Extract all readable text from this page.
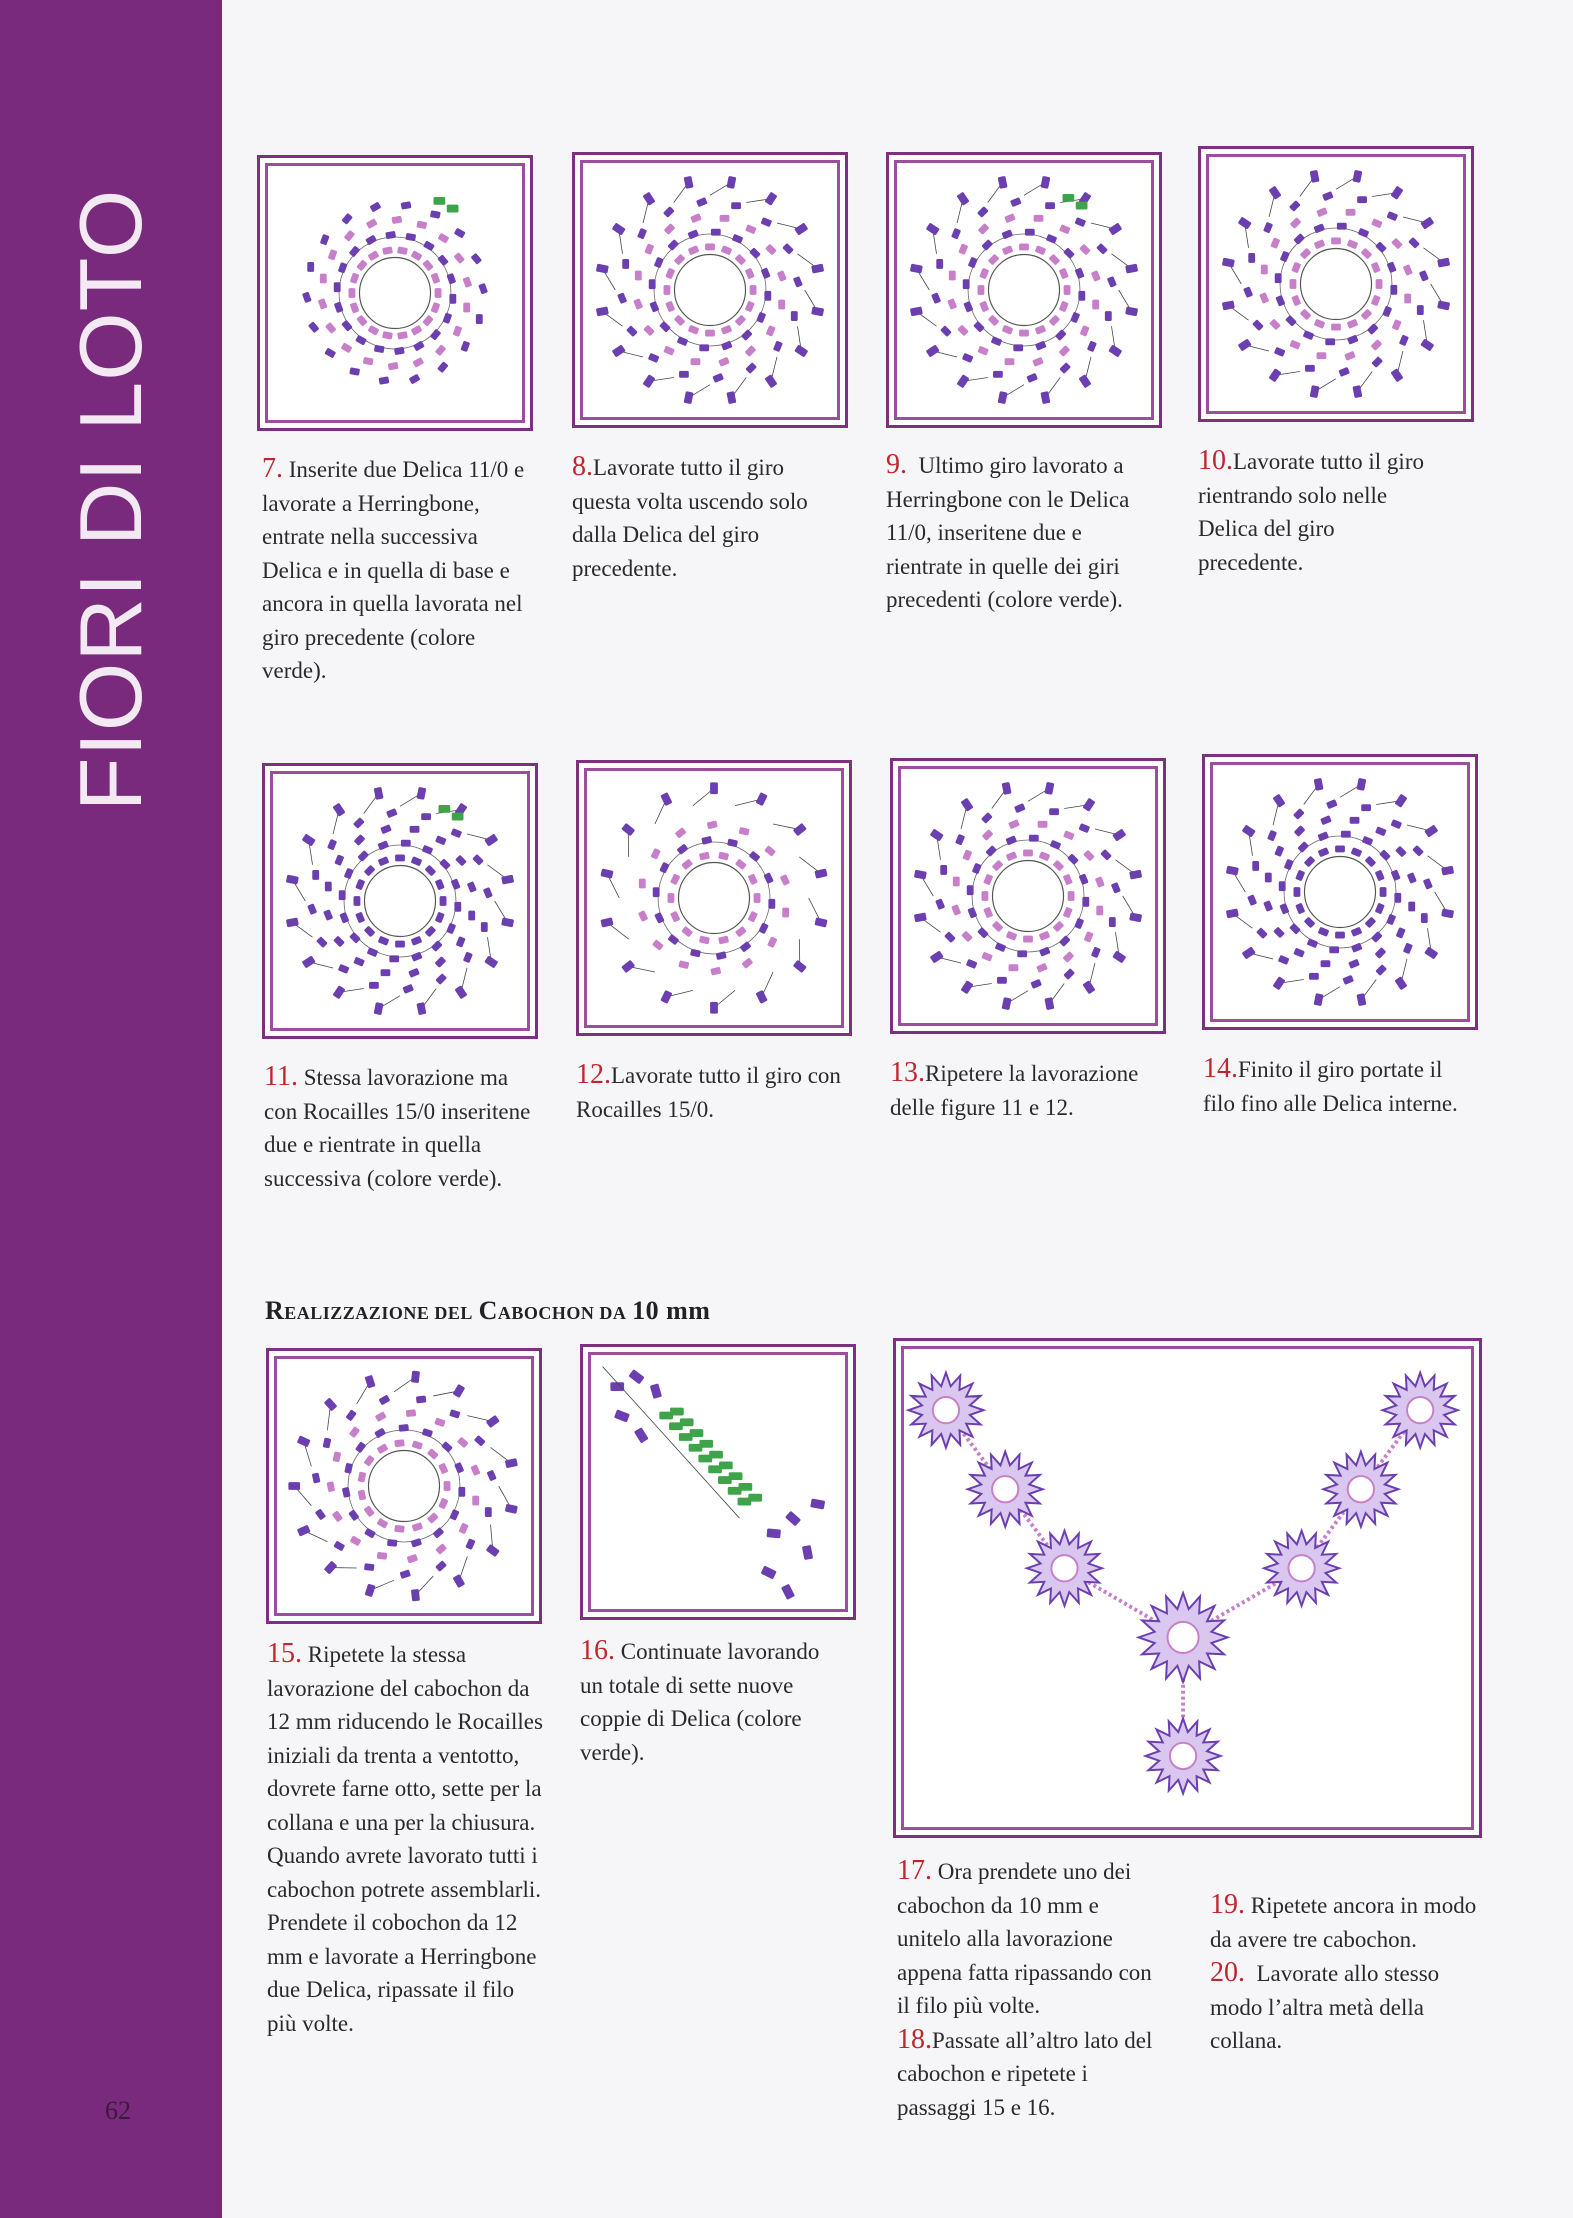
FIORI DI LOTO
62
7. Inserite due Delica 11/0 e lavorate a Herringbone, entrate nella successiva Delica e in quella di base e ancora in quella lavorata nel giro precedente (colore verde).
8.Lavorate tutto il giro questa volta uscendo solo dalla Delica del giro precedente.
9. Ultimo giro lavorato a Herringbone con le Delica 11/0, inseritene due e rientrate in quelle dei giri precedenti (colore verde).
10.Lavorate tutto il giro rientrando solo nelle Delica del giro precedente.
11. Stessa lavorazione ma con Rocailles 15/0 inseritene due e rientrate in quella successiva (colore verde).
12.Lavorate tutto il giro con Rocailles 15/0.
13.Ripetere la lavorazione delle figure 11 e 12.
14.Finito il giro portate il filo fino alle Delica interne.
REALIZZAZIONE DEL CABOCHON DA 10 mm
15. Ripetete la stessa lavorazione del cabochon da 12 mm riducendo le Rocailles iniziali da trenta a ventotto, dovrete farne otto, sette per la collana e una per la chiusura. Quando avrete lavorato tutti i cabochon potrete assemblarli. Prendete il cobochon da 12 mm e lavorate a Herringbone due Delica, ripassate il filo più volte.
16. Continuate lavorando un totale di sette nuove coppie di Delica (colore verde).
17. Ora prendete uno dei cabochon da 10 mm e unitelo alla lavorazione appena fatta ripassando con il filo più volte.
18.Passate all’altro lato del cabochon e ripetete i passaggi 15 e 16.
19. Ripetete ancora in modo da avere tre cabochon.
20. Lavorate allo stesso modo l’altra metà della collana.
